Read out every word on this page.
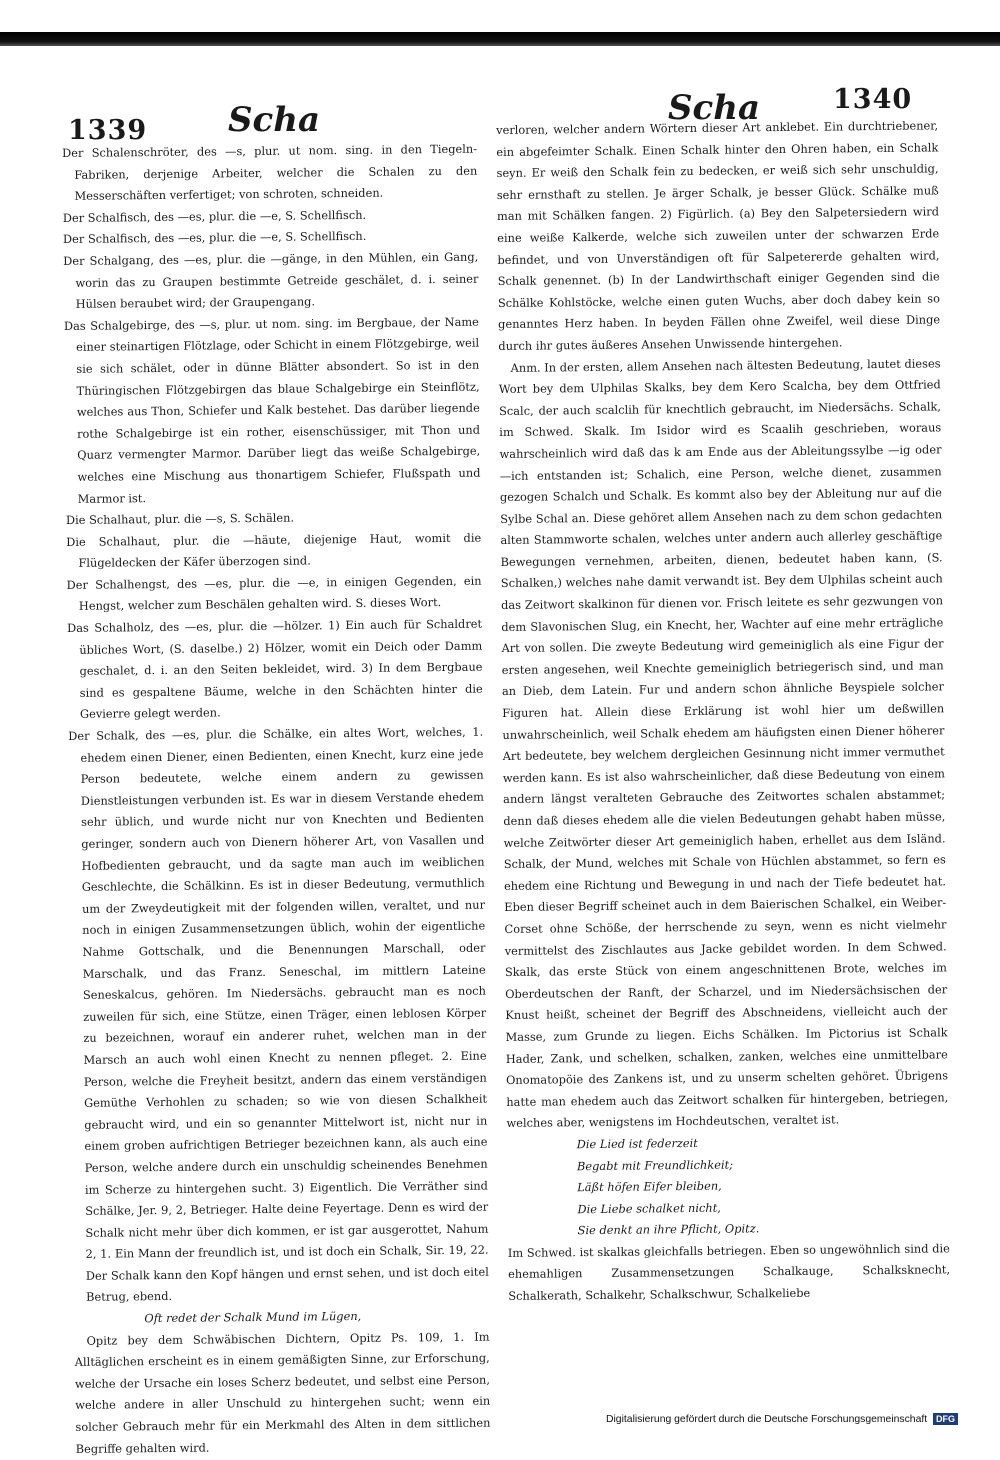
1339 Scha	Scha	1340

Der Schalenschröter, des —s, plur. ut nom. sing. in den Tiegeln-Fabriken, derjenige Arbeiter, welcher die Schalen zu den Messerschäften verfertiget; von schroten, schneiden.

Der Schalfisch, des —es, plur. die —e, S. Schellfisch.

Der Schalfisch, des —es, plur. die —e, S. Schellfisch.

Der Schalgang, des —es, plur. die —gänge, in den Mühlen, ein Gang, worin das zu Graupen bestimmte Getreide geschälet, d. i. seiner Hülsen beraubet wird; der Graupengang.

Das Schalgebirge, des —s, plur. ut nom. sing. im Bergbaue, der Name einer steinartigen Flötzlage, oder Schicht in einem Flötzgebirge, weil sie sich schälet, oder in dünne Blätter absondert. So ist in den Thüringischen Flötzgebirgen das blaue Schalgebirge ein Steinflötz, welches aus Thon, Schiefer und Kalk bestehet. Das darüber liegende rothe Schalgebirge ist ein rother, eisenschüssiger, mit Thon und Quarz vermengter Marmor. Darüber liegt das weiße Schalgebirge, welches eine Mischung aus thonartigem Schiefer, Flußspath und Marmor ist.

Die Schalhaut, plur. die —s, S. Schälen.

Die Schalhaut, plur. die —häute, diejenige Haut, womit die Flügeldecken der Käfer überzogen sind.

Der Schalhengst, des —es, plur. die —e, in einigen Gegenden, ein Hengst, welcher zum Beschälen gehalten wird. S. dieses Wort.

Das Schalholz, des —es, plur. die —hölzer. 1) Ein auch für Schaldret übliches Wort, (S. daselbe.) 2) Hölzer, womit ein Deich oder Damm geschalet, d. i. an den Seiten bekleidet, wird. 3) In dem Bergbaue sind es gespaltene Bäume, welche in den Schächten hinter die Gevierre gelegt werden.

Der Schalk, des —es, plur. die Schälke, ein altes Wort, welches, 1. ehedem einen Diener, einen Bedienten, einen Knecht, kurz eine jede Person bedeutete, welche einem andern zu gewissen Dienstleistungen verbunden ist. Es war in diesem Verstande ehedem sehr üblich, und wurde nicht nur von Knechten und Bedienten geringer, sondern auch von Dienern höherer Art, von Vasallen und Hofbedienten gebraucht, und da sagte man auch im weiblichen Geschlechte, die Schälkinn. Es ist in dieser Bedeutung, vermuthlich um der Zweydeutigkeit mit der folgenden willen, veraltet, und nur noch in einigen Zusammensetzungen üblich, wohin der eigentliche Nahme Gottschalk, und die Benennungen Marschall, oder Marschalk, und das Franz. Seneschal, im mittlern Lateine Seneskalcus, gehören. Im Niedersächs. gebraucht man es noch zuweilen für sich, eine Stütze, einen Träger, einen leblosen Körper zu bezeichnen, worauf ein anderer ruhet, welchen man in der Marsch an auch wohl einen Knecht zu nennen pfleget. 2. Eine Person, welche die Freyheit besitzt, andern das einem verständigen Gemüthe Verhohlen zu schaden; so wie von diesen Schalkheit gebraucht wird, und ein so genannter Mittelwort ist, nicht nur in einem groben aufrichtigen Betrieger bezeichnen kann, als auch eine Person, welche andere durch ein unschuldig scheinendes Benehmen im Scherze zu hintergehen sucht. 3) Eigentlich. Die Verräther sind Schälke, Jer. 9, 2, Betrieger. Halte deine Feyertage. Denn es wird der Schalk nicht mehr über dich kommen, er ist gar ausgerottet, Nahum 2, 1. Ein Mann der freundlich ist, und ist doch ein Schalk, Sir. 19, 22. Der Schalk kann den Kopf hängen und ernst sehen, und ist doch eitel Betrug, ebend.

Oft redet der Schalk Mund im Lügen,

Opitz bey dem Schwäbischen Dichtern, Opitz Ps. 109, 1. Im Alltäglichen erscheint es in einem gemäßigten Sinne, zur Erforschung, welche der Ursache ein loses Scherz bedeutet, und selbst eine Person, welche andere in aller Unschuld zu hintergehen sucht; wenn ein solcher Gebrauch mehr für ein Merkmahl des Alten in dem sittlichen Begriffe gehalten wird.

verloren, welcher andern Wörtern dieser Art anklebet. Ein durchtriebener, ein abgefeimter Schalk. Einen Schalk hinter den Ohren haben, ein Schalk seyn. Er weiß den Schalk fein zu bedecken, er weiß sich sehr unschuldig, sehr ernsthaft zu stellen. Je ärger Schalk, je besser Glück. Schälke muß man mit Schälken fangen. 2) Figürlich. (a) Bey den Salpetersiedern wird eine weiße Kalkerde, welche sich zuweilen unter der schwarzen Erde befindet, und von Unverständigen oft für Salpetererde gehalten wird, Schalk genennet. (b) In der Landwirthschaft einiger Gegenden sind die Schälke Kohlstöcke, welche einen guten Wuchs, aber doch dabey kein so genanntes Herz haben. In beyden Fällen ohne Zweifel, weil diese Dinge durch ihr gutes äußeres Ansehen Unwissende hintergehen.

Anm. In der ersten, allem Ansehen nach ältesten Bedeutung, lautet dieses Wort bey dem Ulphilas Skalks, bey dem Kero Scalcha, bey dem Ottfried Scalc, der auch scalclih für knechtlich gebraucht, im Niedersächs. Schalk, im Schwed. Skalk. Im Isidor wird es Scaalih geschrieben, woraus wahrscheinlich wird daß das k am Ende aus der Ableitungssylbe —ig oder —ich entstanden ist; Schalich, eine Person, welche dienet, zusammen gezogen Schalch und Schalk. Es kommt also bey der Ableitung nur auf die Sylbe Schal an. Diese gehöret allem Ansehen nach zu dem schon gedachten alten Stammworte schalen, welches unter andern auch allerley geschäftige Bewegungen vernehmen, arbeiten, dienen, bedeutet haben kann, (S. Schalken,) welches nahe damit verwandt ist. Bey dem Ulphilas scheint auch das Zeitwort skalkinon für dienen vor. Frisch leitete es sehr gezwungen von dem Slavonischen Slug, ein Knecht, her, Wachter auf eine mehr erträgliche Art von sollen. Die zweyte Bedeutung wird gemeiniglich als eine Figur der ersten angesehen, weil Knechte gemeiniglich betriegerisch sind, und man an Dieb, dem Latein. Fur und andern schon ähnliche Beyspiele solcher Figuren hat. Allein diese Erklärung ist wohl hier um deßwillen unwahrscheinlich, weil Schalk ehedem am häufigsten einen Diener höherer Art bedeutete, bey welchem dergleichen Gesinnung nicht immer vermuthet werden kann. Es ist also wahrscheinlicher, daß diese Bedeutung von einem andern längst veralteten Gebrauche des Zeitwortes schalen abstammet; denn daß dieses ehedem alle die vielen Bedeutungen gehabt haben müsse, welche Zeitwörter dieser Art gemeiniglich haben, erhellet aus dem Isländ. Schalk, der Mund, welches mit Schale von Hüchlen abstammet, so fern es ehedem eine Richtung und Bewegung in und nach der Tiefe bedeutet hat. Eben dieser Begriff scheinet auch in dem Baierischen Schalkel, ein Weiber-Corset ohne Schöße, der herrschende zu seyn, wenn es nicht vielmehr vermittelst des Zischlautes aus Jacke gebildet worden. In dem Schwed. Skalk, das erste Stück von einem angeschnittenen Brote, welches im Oberdeutschen der Ranft, der Scharzel, und im Niedersächsischen der Knust heißt, scheinet der Begriff des Abschneidens, vielleicht auch der Masse, zum Grunde zu liegen. Eichs Schälken. Im Pictorius ist Schalk Hader, Zank, und schelken, schalken, zanken, welches eine unmittelbare Onomatopöie des Zankens ist, und zu unserm schelten gehöret. Übrigens hatte man ehedem auch das Zeitwort schalken für hintergeben, betriegen, welches aber, wenigstens im Hochdeutschen, veraltet ist.

Die Lied ist federzeit
Begabt mit Freundlichkeit;
Läßt höfen Eifer bleiben,
Die Liebe schalket nicht,
Sie denkt an ihre Pflicht, Opitz.

Im Schwed. ist skalkas gleichfalls betriegen. Eben so ungewöhnlich sind die ehemahligen Zusammensetzungen Schalkauge, Schalksknecht, Schalkerath, Schalkehr, Schalkschwur, Schalkeliebe

Digitalisierung gefördert durch die Deutsche Forschungsgemeinschaft DFG
